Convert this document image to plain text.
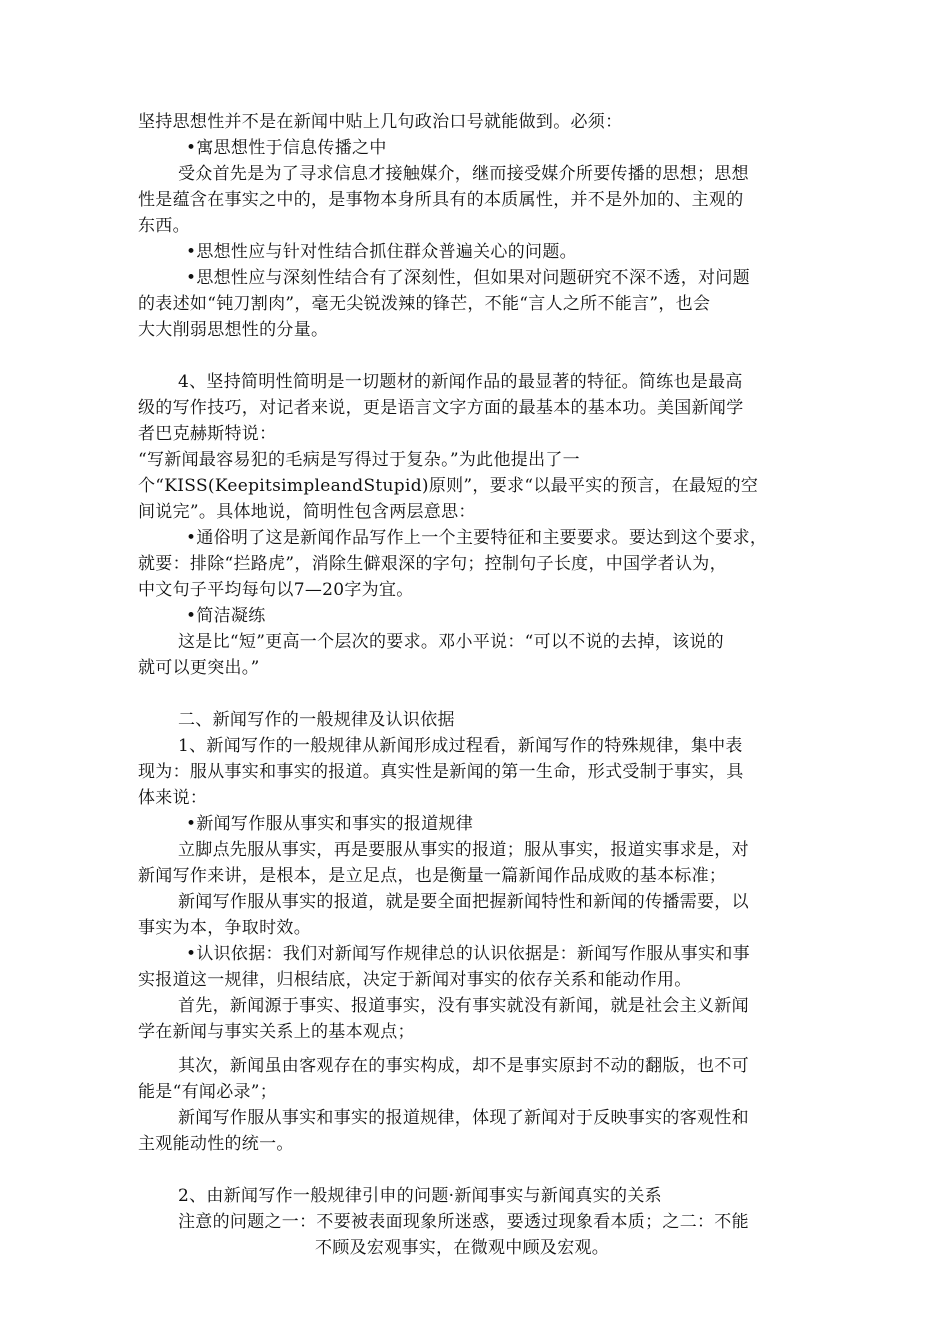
坚持思想性并不是在新闻中贴上几句政治口号就能做到。必须：
•寓思想性于信息传播之中
受众首先是为了寻求信息才接触媒介，继而接受媒介所要传播的思想；思想
性是蕴含在事实之中的，是事物本身所具有的本质属性，并不是外加的、主观的
东西。
•思想性应与针对性结合抓住群众普遍关心的问题。
•思想性应与深刻性结合有了深刻性，但如果对问题研究不深不透，对问题
的表述如“钝刀割肉”，毫无尖锐泼辣的锋芒，不能“言人之所不能言”，也会
大大削弱思想性的分量。
4、坚持简明性简明是一切题材的新闻作品的最显著的特征。简练也是最高
级的写作技巧，对记者来说，更是语言文字方面的最基本的基本功。美国新闻学
者巴克赫斯特说：
“写新闻最容易犯的毛病是写得过于复杂。”为此他提出了一
个“KISS(KeepitsimpleandStupid)原则”，要求“以最平实的预言，在最短的空
间说完”。具体地说，简明性包含两层意思：
•通俗明了这是新闻作品写作上一个主要特征和主要要求。要达到这个要求，
就要：排除“拦路虎”，消除生僻艰深的字句；控制句子长度，中国学者认为，
中文句子平均每句以7—20字为宜。
•简洁凝练
这是比“短”更高一个层次的要求。邓小平说：“可以不说的去掉，该说的
就可以更突出。”
二、新闻写作的一般规律及认识依据
1、新闻写作的一般规律从新闻形成过程看，新闻写作的特殊规律，集中表
现为：服从事实和事实的报道。真实性是新闻的第一生命，形式受制于事实，具
体来说：
•新闻写作服从事实和事实的报道规律
立脚点先服从事实，再是要服从事实的报道；服从事实，报道实事求是，对
新闻写作来讲，是根本，是立足点，也是衡量一篇新闻作品成败的基本标准；
新闻写作服从事实的报道，就是要全面把握新闻特性和新闻的传播需要，以
事实为本，争取时效。
•认识依据：我们对新闻写作规律总的认识依据是：新闻写作服从事实和事
实报道这一规律，归根结底，决定于新闻对事实的依存关系和能动作用。
首先，新闻源于事实、报道事实，没有事实就没有新闻，就是社会主义新闻
学在新闻与事实关系上的基本观点；
其次，新闻虽由客观存在的事实构成，却不是事实原封不动的翻版，也不可
能是“有闻必录”；
新闻写作服从事实和事实的报道规律，体现了新闻对于反映事实的客观性和
主观能动性的统一。
2、由新闻写作一般规律引申的问题·新闻事实与新闻真实的关系
注意的问题之一：不要被表面现象所迷惑，要透过现象看本质；之二：不能
不顾及宏观事实，在微观中顾及宏观。
